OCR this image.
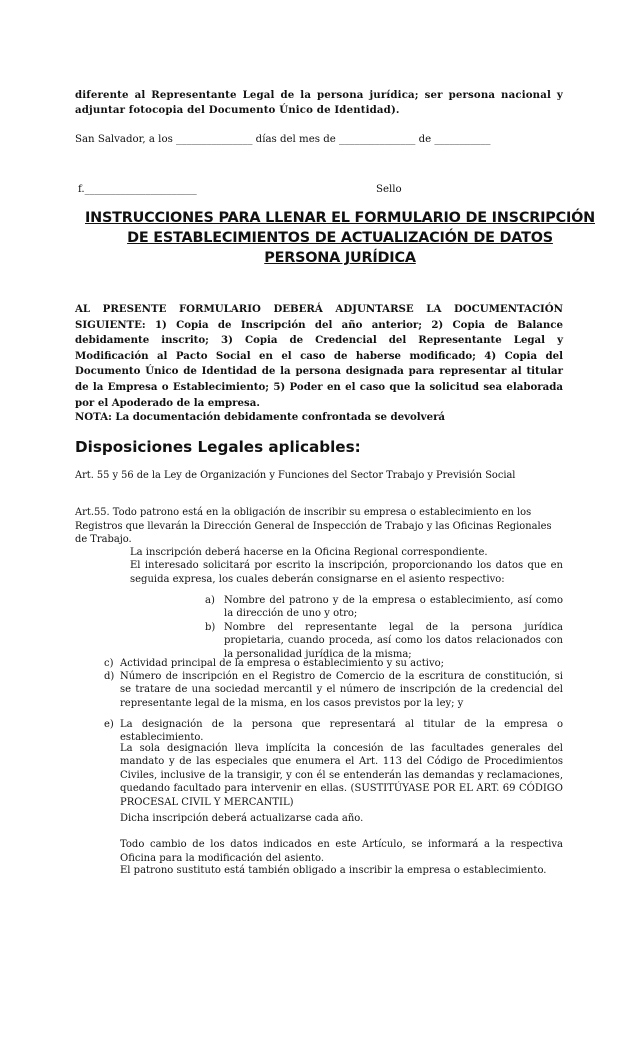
diferente al Representante Legal de la persona jurídica; ser persona nacional y adjuntar fotocopia del Documento Único de Identidad).

San Salvador, a los _______________ días del mes de _______________ de ___________
f.______________________	Sello
INSTRUCCIONES PARA LLENAR EL FORMULARIO DE INSCRIPCIÓN
DE ESTABLECIMIENTOS DE ACTUALIZACIÓN DE DATOS
PERSONA JURÍDICA

AL PRESENTE FORMULARIO DEBERÁ ADJUNTARSE LA DOCUMENTACIÓN SIGUIENTE: 1) Copia de Inscripción del año anterior; 2) Copia de Balance debidamente inscrito; 3) Copia de Credencial del Representante Legal y Modificación al Pacto Social en el caso de haberse modificado; 4) Copia del Documento Único de Identidad de la persona designada para representar al titular de la Empresa o Establecimiento; 5) Poder en el caso que la solicitud sea elaborada por el Apoderado de la empresa.

NOTA: La documentación debidamente confrontada se devolverá

Disposiciones Legales aplicables:

Art. 55 y 56 de la Ley de Organización y Funciones del Sector Trabajo y Previsión Social

Art.55. Todo patrono está en la obligación de inscribir su empresa o establecimiento en los Registros que llevarán la Dirección General de Inspección de Trabajo y las Oficinas Regionales de Trabajo.

La inscripción deberá hacerse en la Oficina Regional correspondiente.

El interesado solicitará por escrito la inscripción, proporcionando los datos que en seguida expresa, los cuales deberán consignarse en el asiento respectivo:

a) Nombre del patrono y de la empresa o establecimiento, así como la dirección de uno y otro;

b) Nombre del representante legal de la persona jurídica propietaria, cuando proceda, así como los datos relacionados con la personalidad jurídica de la misma;

c) Actividad principal de la empresa o establecimiento y su activo;

d) Número de inscripción en el Registro de Comercio de la escritura de constitución, si se tratare de una sociedad mercantil y el número de inscripción de la credencial del representante legal de la misma, en los casos previstos por la ley; y

e) La designación de la persona que representará al titular de la empresa o establecimiento.

La sola designación lleva implícita la concesión de las facultades generales del mandato y de las especiales que enumera el Art. 113 del Código de Procedimientos Civiles, inclusive de la transigir, y con él se entenderán las demandas y reclamaciones, quedando facultado para intervenir en ellas. (SUSTITÚYASE POR EL ART. 69 CÓDIGO PROCESAL CIVIL Y MERCANTIL)

Dicha inscripción deberá actualizarse cada año.

Todo cambio de los datos indicados en este Artículo, se informará a la respectiva Oficina para la modificación del asiento.

El patrono sustituto está también obligado a inscribir la empresa o establecimiento.
